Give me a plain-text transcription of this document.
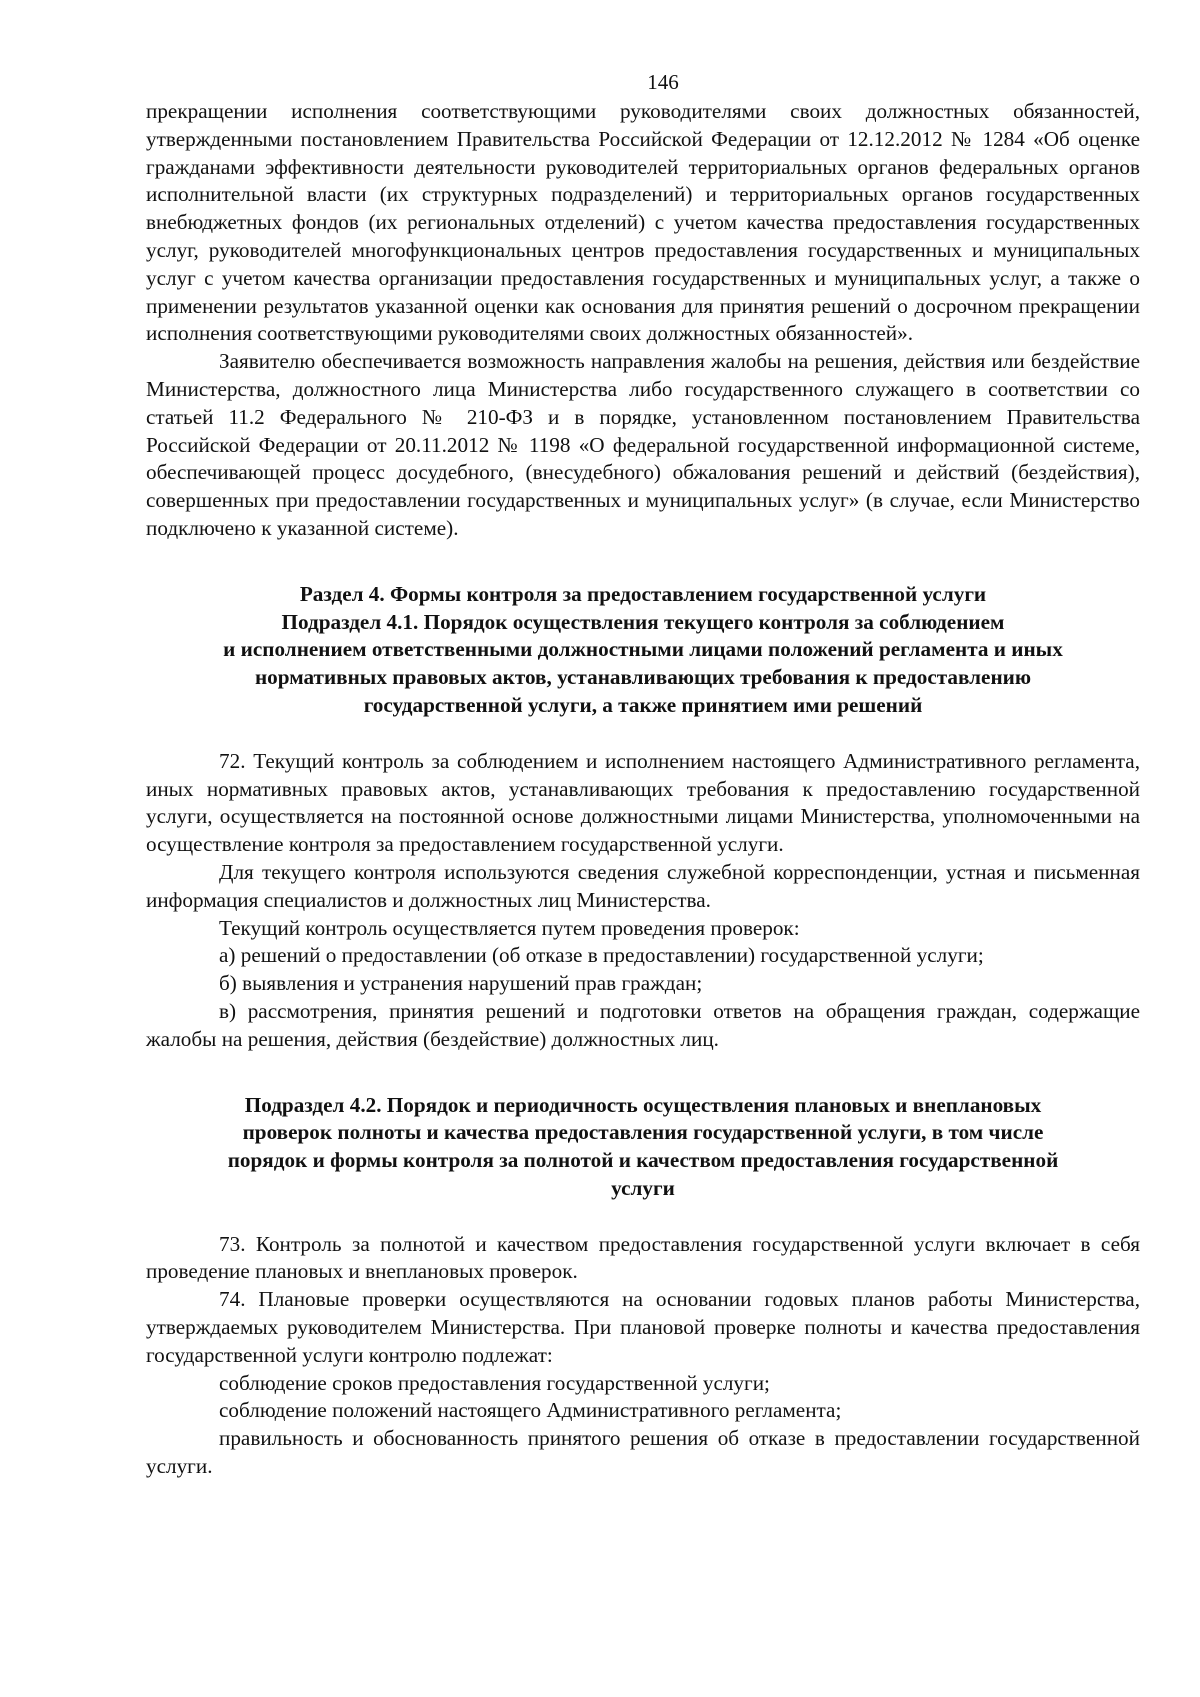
146

прекращении исполнения соответствующими руководителями своих должностных обязанностей, утвержденными постановлением Правительства Российской Федерации от 12.12.2012 № 1284 «Об оценке гражданами эффективности деятельности руководителей территориальных органов федеральных органов исполнительной власти (их структурных подразделений) и территориальных органов государственных внебюджетных фондов (их региональных отделений) с учетом качества предоставления государственных услуг, руководителей многофункциональных центров предоставления государственных и муниципальных услуг с учетом качества организации предоставления государственных и муниципальных услуг, а также о применении результатов указанной оценки как основания для принятия решений о досрочном прекращении исполнения соответствующими руководителями своих должностных обязанностей».

Заявителю обеспечивается возможность направления жалобы на решения, действия или бездействие Министерства, должностного лица Министерства либо государственного служащего в соответствии со статьей 11.2 Федерального № 210-ФЗ и в порядке, установленном постановлением Правительства Российской Федерации от 20.11.2012 № 1198 «О федеральной государственной информационной системе, обеспечивающей процесс досудебного, (внесудебного) обжалования решений и действий (бездействия), совершенных при предоставлении государственных и муниципальных услуг» (в случае, если Министерство подключено к указанной системе).

Раздел 4. Формы контроля за предоставлением государственной услуги
Подраздел 4.1. Порядок осуществления текущего контроля за соблюдением
и исполнением ответственными должностными лицами положений регламента и иных
нормативных правовых актов, устанавливающих требования к предоставлению
государственной услуги, а также принятием ими решений

72. Текущий контроль за соблюдением и исполнением настоящего Административного регламента, иных нормативных правовых актов, устанавливающих требования к предоставлению государственной услуги, осуществляется на постоянной основе должностными лицами Министерства, уполномоченными на осуществление контроля за предоставлением государственной услуги.

Для текущего контроля используются сведения служебной корреспонденции, устная и письменная информация специалистов и должностных лиц Министерства.

Текущий контроль осуществляется путем проведения проверок:

а) решений о предоставлении (об отказе в предоставлении) государственной услуги;

б) выявления и устранения нарушений прав граждан;

в) рассмотрения, принятия решений и подготовки ответов на обращения граждан, содержащие жалобы на решения, действия (бездействие) должностных лиц.

Подраздел 4.2. Порядок и периодичность осуществления плановых и внеплановых
проверок полноты и качества предоставления государственной услуги, в том числе
порядок и формы контроля за полнотой и качеством предоставления государственной
услуги

73. Контроль за полнотой и качеством предоставления государственной услуги включает в себя проведение плановых и внеплановых проверок.

74. Плановые проверки осуществляются на основании годовых планов работы Министерства, утверждаемых руководителем Министерства. При плановой проверке полноты и качества предоставления государственной услуги контролю подлежат:

соблюдение сроков предоставления государственной услуги;

соблюдение положений настоящего Административного регламента;

правильность и обоснованность принятого решения об отказе в предоставлении государственной услуги.
